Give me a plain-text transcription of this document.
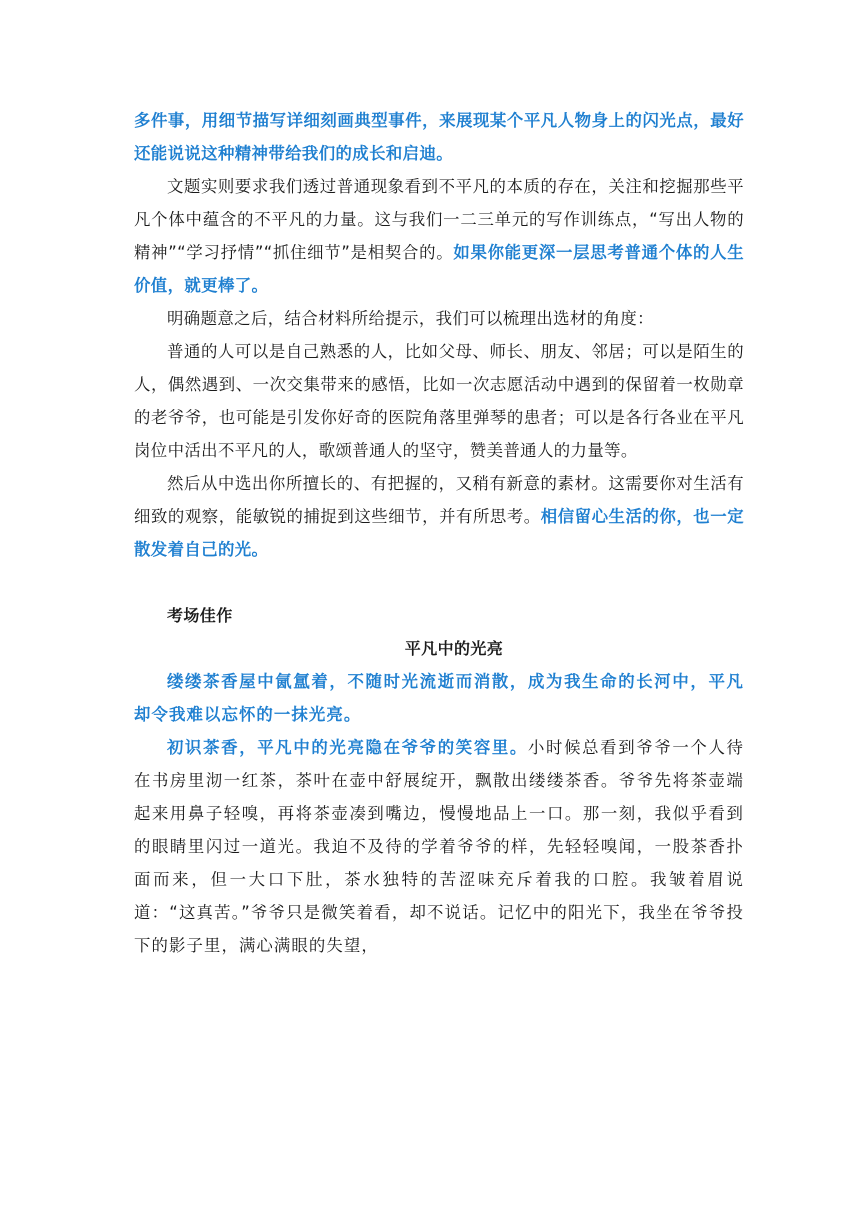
多件事，用细节描写详细刻画典型事件，来展现某个平凡人物身上的闪光点，最好还能说说这种精神带给我们的成长和启迪。

文题实则要求我们透过普通现象看到不平凡的本质的存在，关注和挖掘那些平凡个体中蕴含的不平凡的力量。这与我们一二三单元的写作训练点，“写出人物的精神”“学习抒情”“抓住细节”是相契合的。如果你能更深一层思考普通个体的人生价值，就更棒了。

明确题意之后，结合材料所给提示，我们可以梳理出选材的角度：

普通的人可以是自己熟悉的人，比如父母、师长、朋友、邻居；可以是陌生的人，偶然遇到、一次交集带来的感悟，比如一次志愿活动中遇到的保留着一枚勋章的老爷爷，也可能是引发你好奇的医院角落里弹琴的患者；可以是各行各业在平凡岗位中活出不平凡的人，歌颂普通人的坚守，赞美普通人的力量等。

然后从中选出你所擅长的、有把握的，又稍有新意的素材。这需要你对生活有细致的观察，能敏锐的捕捉到这些细节，并有所思考。相信留心生活的你，也一定散发着自己的光。

考场佳作

平凡中的光亮

缕缕茶香屋中氤氲着，不随时光流逝而消散，成为我生命的长河中，平凡却令我难以忘怀的一抹光亮。

初识茶香，平凡中的光亮隐在爷爷的笑容里。小时候总看到爷爷一个人待在书房里沏一红茶，茶叶在壶中舒展绽开，飘散出缕缕茶香。爷爷先将茶壶端起来用鼻子轻嗅，再将茶壶凑到嘴边，慢慢地品上一口。那一刻，我似乎看到的眼睛里闪过一道光。我迫不及待的学着爷爷的样，先轻轻嗅闻，一股茶香扑面而来，但一大口下肚，茶水独特的苦涩味充斥着我的口腔。我皱着眉说道：“这真苦。”爷爷只是微笑着看，却不说话。记忆中的阳光下，我坐在爷爷投下的影子里，满心满眼的失望，
